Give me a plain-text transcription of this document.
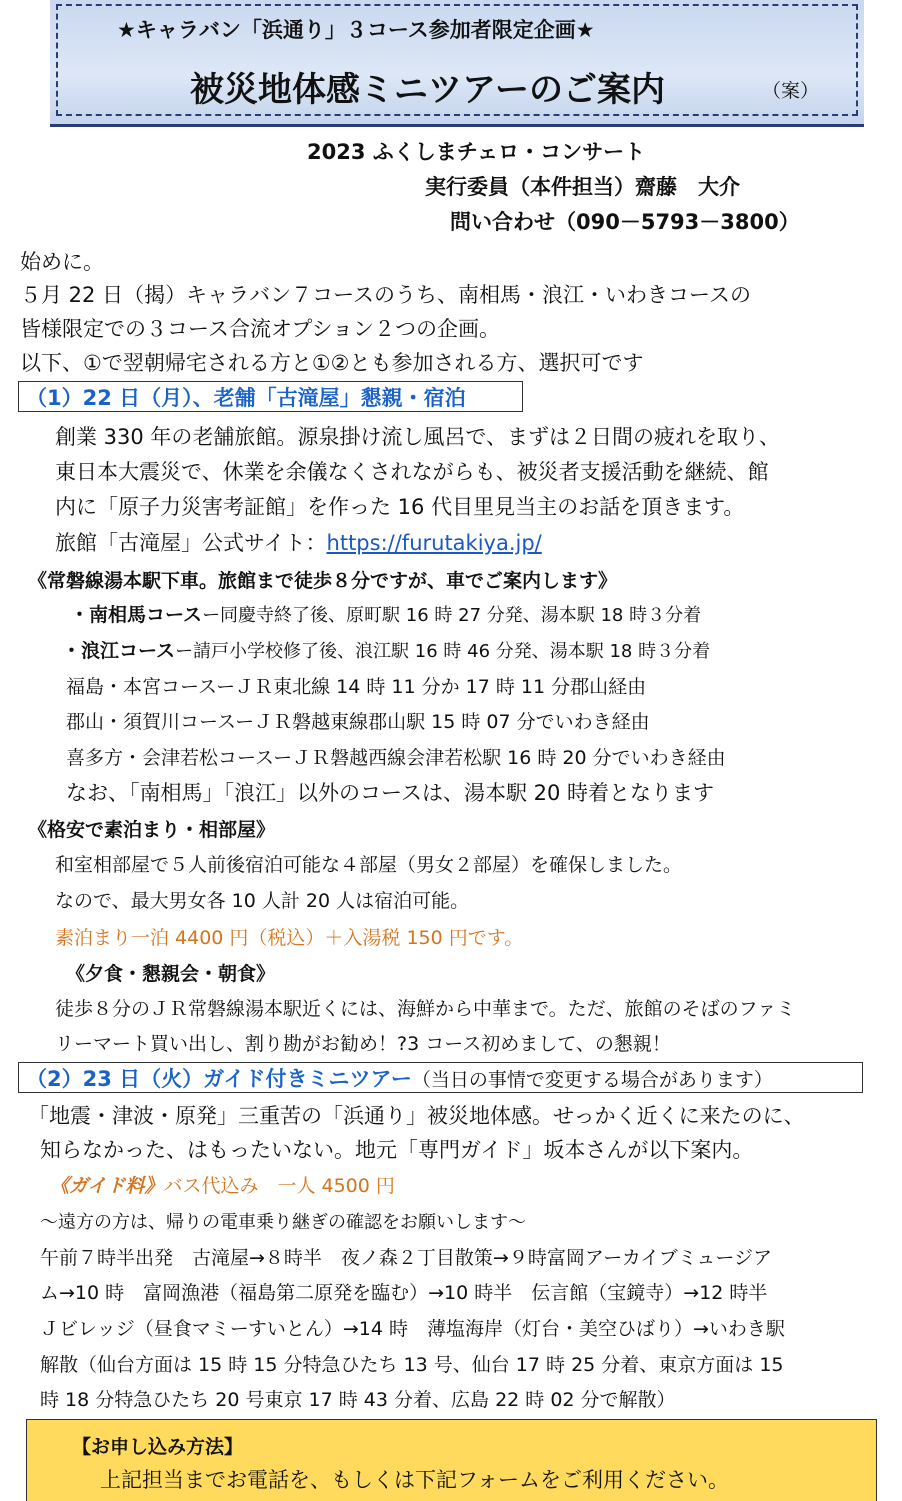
★キャラバン「浜通り」３コース参加者限定企画★
被災地体感ミニツアーのご案内	（案）
2023 ふくしまチェロ・コンサート
実行委員（本件担当）齋藤　大介
問い合わせ（090－5793－3800）
始めに。
５月 22 日（揭）キャラバン７コースのうち、南相馬・浪江・いわきコースの
皆様限定での３コース合流オプション２つの企画。
以下、①で翌朝帰宅される方と①②とも参加される方、選択可です
（1）22 日（月）、老舗「古滝屋」懇親・宿泊
創業 330 年の老舗旅館。源泉掛け流し風呂で、まずは２日間の疲れを取り、
東日本大震災で、休業を余儀なくされながらも、被災者支援活動を継続、館
内に「原子力災害考証館」を作った 16 代目里見当主のお話を頂きます。
旅館「古滝屋」公式サイト：https://furutakiya.jp/
《常磐線湯本駅下車。旅館まで徒歩８分ですが、車でご案内します》
・南相馬コースー同慶寺終了後、原町駅 16 時 27 分発、湯本駅 18 時３分着
・浪江コースー請戸小学校修了後、浪江駅 16 時 46 分発、湯本駅 18 時３分着
福島・本宮コースーＪＲ東北線 14 時 11 分か 17 時 11 分郡山経由
郡山・須賀川コースーＪＲ磐越東線郡山駅 15 時 07 分でいわき経由
喜多方・会津若松コースーＪＲ磐越西線会津若松駅 16 時 20 分でいわき経由
なお、「南相馬」「浪江」以外のコースは、湯本駅 20 時着となります
《格安で素泊まり・相部屋》
和室相部屋で５人前後宿泊可能な４部屋（男女２部屋）を確保しました。
なので、最大男女各 10 人計 20 人は宿泊可能。
素泊まり一泊 4400 円（税込）＋入湯税 150 円です。
《夕食・懇親会・朝食》
徒歩８分のＪＲ常磐線湯本駅近くには、海鮮から中華まで。ただ、旅館のそばのファミ
リーマート買い出し、割り勘がお勧め！?3 コース初めまして、の懇親！
（2）23 日（火）ガイド付きミニツアー（当日の事情で変更する場合があります）
「地震・津波・原発」三重苦の「浜通り」被災地体感。せっかく近くに来たのに、
知らなかった、はもったいない。地元「専門ガイド」坂本さんが以下案内。
《ガイド料》バス代込み　一人 4500 円
～遠方の方は、帰りの電車乗り継ぎの確認をお願いします～
午前７時半出発　古滝屋→８時半　夜ノ森２丁目散策→９時富岡アーカイブミュージア
ム→10 時　富岡漁港（福島第二原発を臨む）→10 時半　伝言館（宝鏡寺）→12 時半
Ｊビレッジ（昼食マミーすいとん）→14 時　薄塩海岸（灯台・美空ひばり）→いわき駅
解散（仙台方面は 15 時 15 分特急ひたち 13 号、仙台 17 時 25 分着、東京方面は 15
時 18 分特急ひたち 20 号東京 17 時 43 分着、広島 22 時 02 分で解散）
【お申し込み方法】
上記担当までお電話を、もしくは下記フォームをご利用ください。
